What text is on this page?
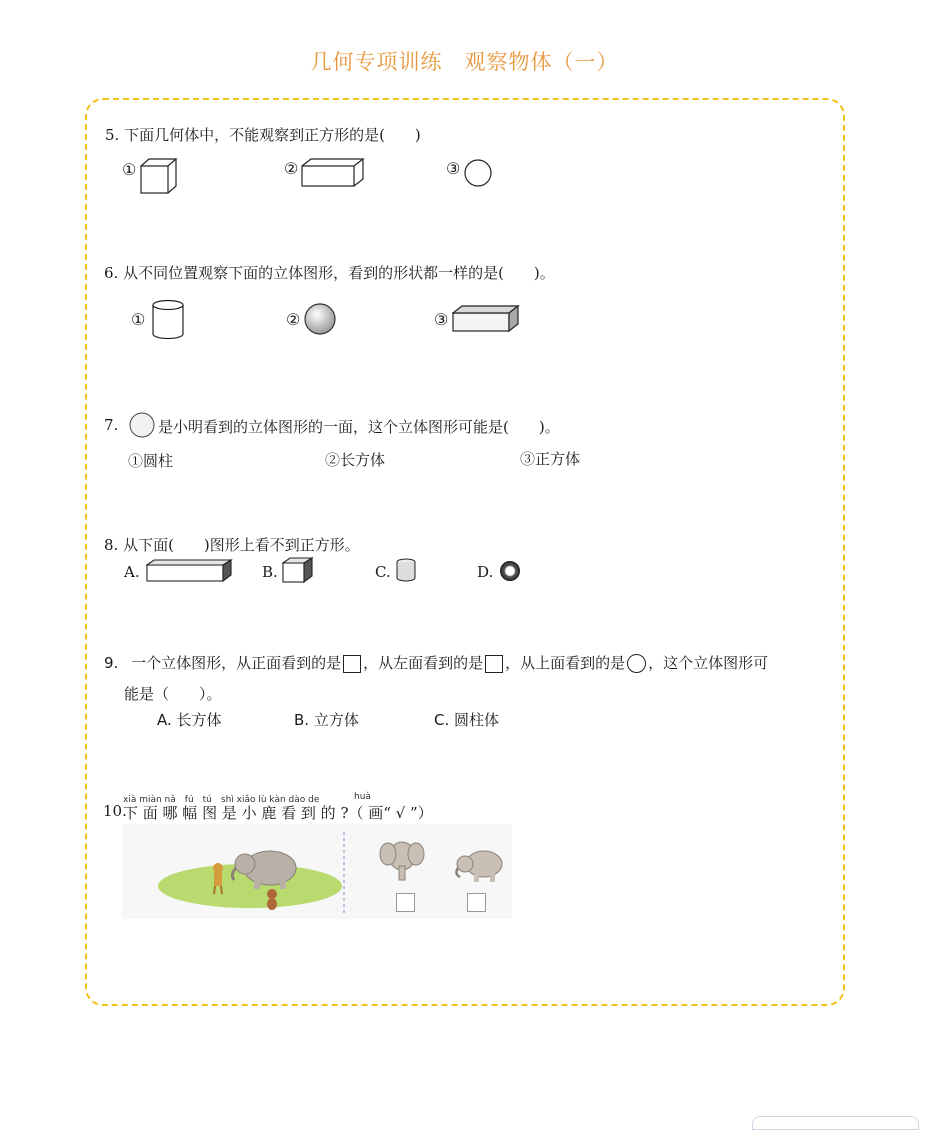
几何专项训练　观察物体（一）
5. 下面几何体中，不能观察到正方形的是(　　)
①	②	③
6. 从不同位置观察下面的立体图形，看到的形状都一样的是(　　)。
①	②	③
7.	是小明看到的立体图形的一面，这个立体图形可能是(　　)。
①圆柱	②长方体	③正方体
8. 从下面(　　)图形上看不到正方形。
A.	B.	C.	D.
9. 一个立体图形，从正面看到的是 ，从左面看到的是 ，从上面看到的是 ，这个立体图形可
能是（　　）。
A. 长方体	B. 立方体	C. 圆柱体
xià miàn nǎ　fú　tú　shì xiǎo lù kàn dào de	huà
10.
下 面 哪 幅 图 是 小 鹿 看 到 的 ?（ 画“ √ ”）
